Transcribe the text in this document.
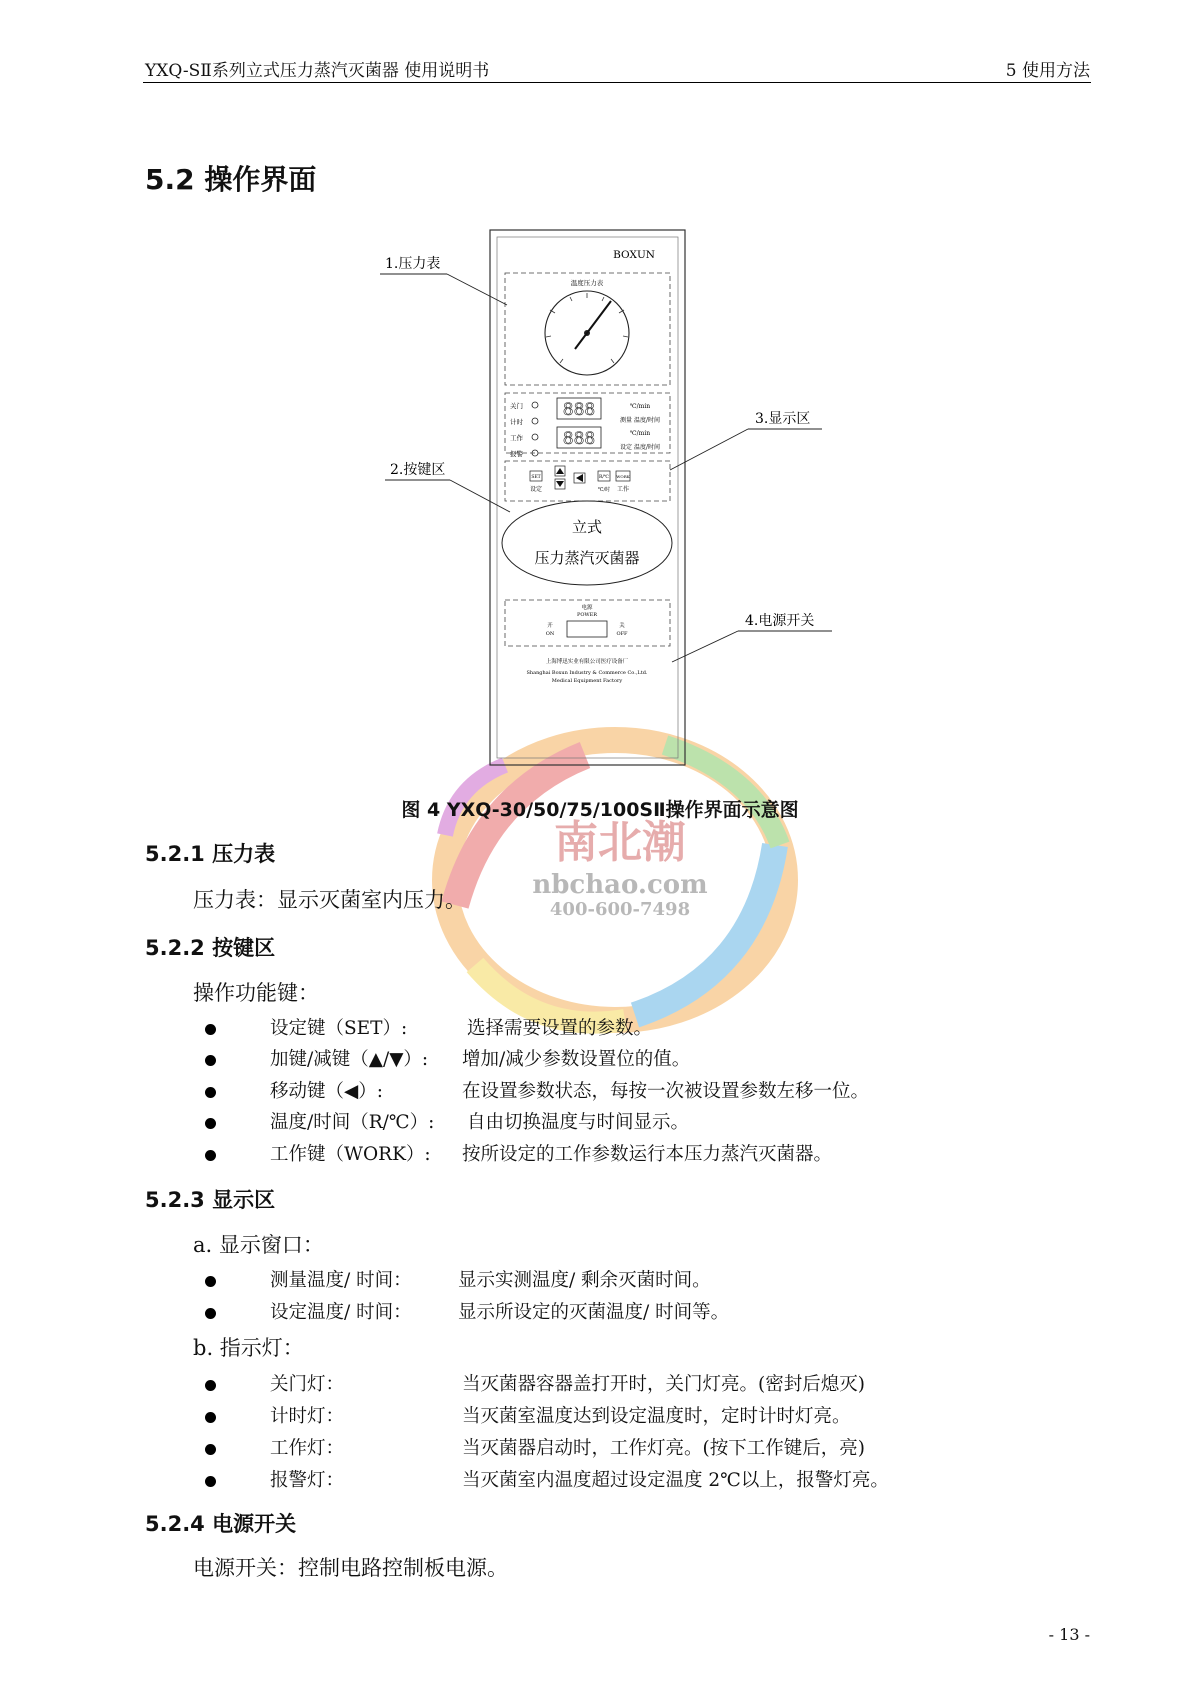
YXQ-SⅡ系列立式压力蒸汽灭菌器 使用说明书	5 使用方法
5.2 操作界面
南北潮
nbchao.com
400-600-7498
BOXUN
温度压力表
关门
计时
工作
报警
888
888
℃/min
测量 温度/时间
℃/min
设定 温度/时间
SET
设定
R/℃
℃/时
WORK
工作
立式
压力蒸汽灭菌器
电源
POWER
开
ON
关
OFF
上海博迅实业有限公司医疗设备厂
Shanghai Boxun Industry & Commerce Co.,Ltd.
Medical Equipment Factory
1.压力表
2.按键区
3.显示区
4.电源开关
图 4 YXQ-30/50/75/100SⅡ操作界面示意图
5.2.1 压力表
压力表：显示灭菌室内压力。
5.2.2 按键区
操作功能键：
设定键（SET）:	选择需要设置的参数。
加键/减键（▲/▼）: 增加/减少参数设置位的值。
移动键（◀）:	在设置参数状态，每按一次被设置参数左移一位。
温度/时间（R/℃）: 自由切换温度与时间显示。
工作键（WORK）: 按所设定的工作参数运行本压力蒸汽灭菌器。
5.2.3 显示区
a. 显示窗口：
测量温度/ 时间：	显示实测温度/ 剩余灭菌时间。
设定温度/ 时间：	显示所设定的灭菌温度/ 时间等。
b. 指示灯：
关门灯：	当灭菌器容器盖打开时，关门灯亮。(密封后熄灭)
计时灯：	当灭菌室温度达到设定温度时，定时计时灯亮。
工作灯：	当灭菌器启动时，工作灯亮。(按下工作键后，亮)
报警灯：	当灭菌室内温度超过设定温度 2℃以上，报警灯亮。
5.2.4 电源开关
电源开关：控制电路控制板电源。
- 13 -
